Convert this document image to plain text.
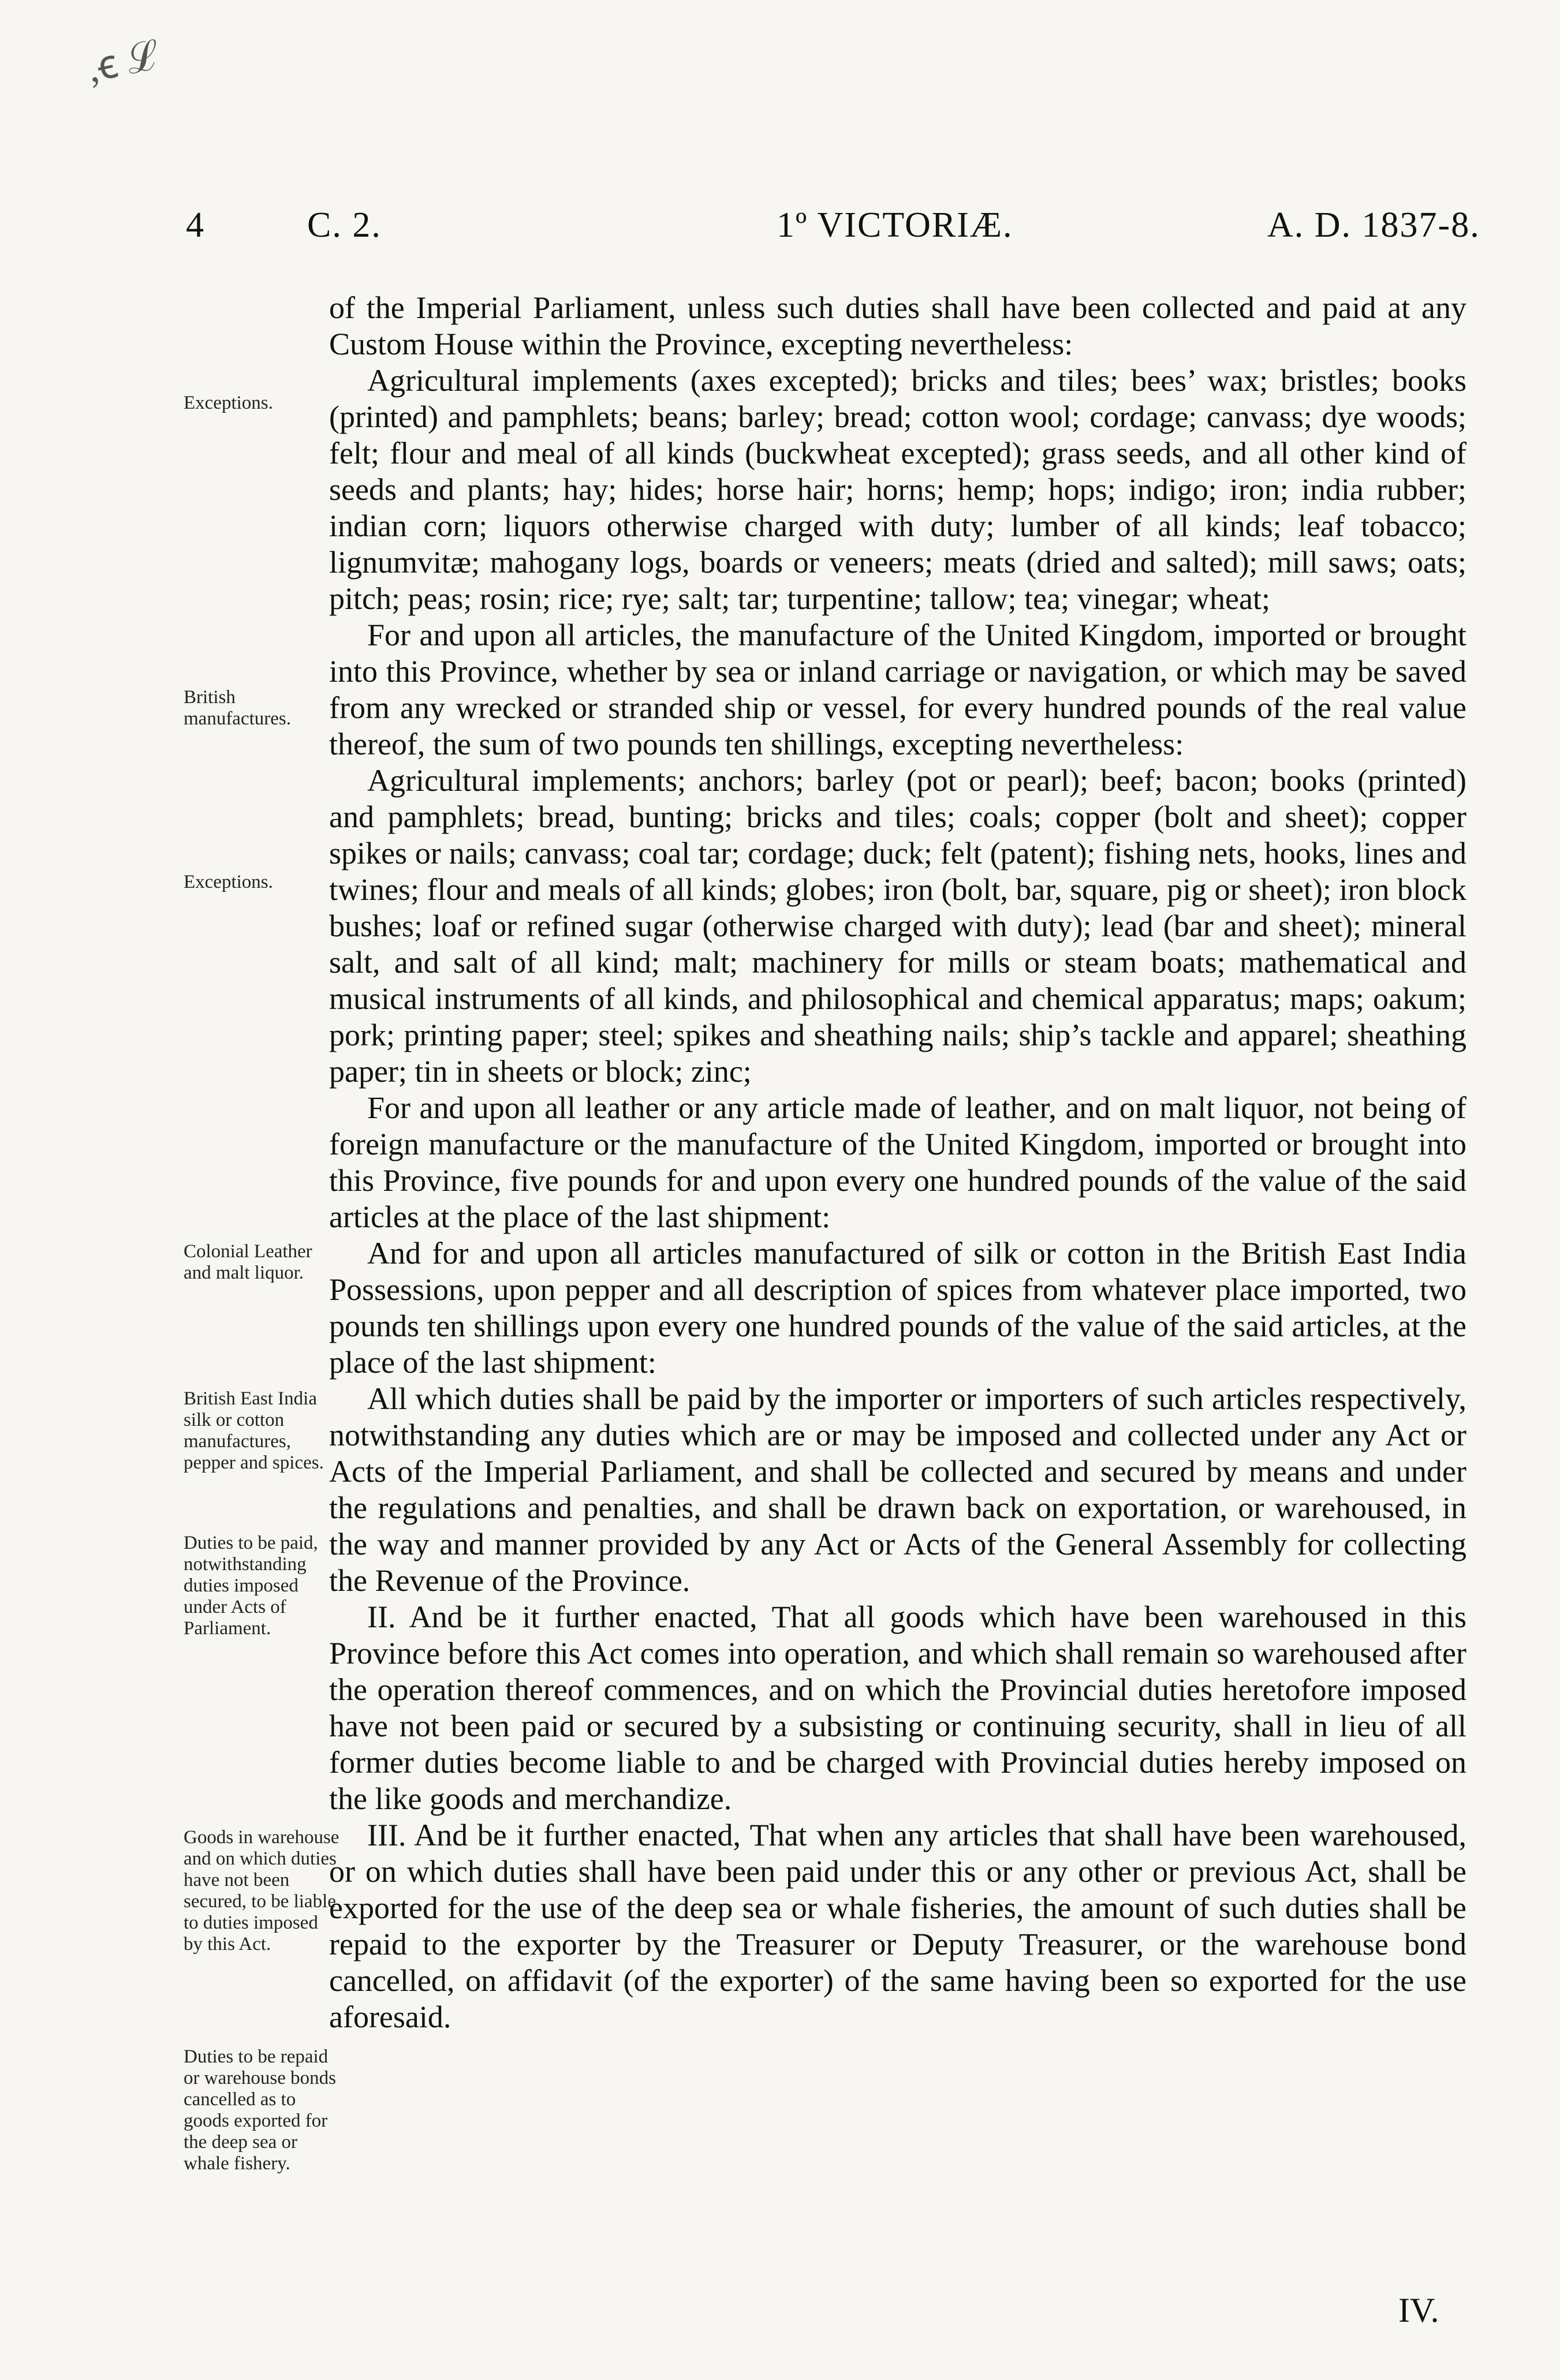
,ꞓ ℒ
4	C. 2.	1º VICTORIÆ.	A. D. 1837-8.
Exceptions.
British manufactures.
Exceptions.
Colonial Leather and malt liquor.
British East India silk or cotton manufactures, pepper and spices.
Duties to be paid, notwithstanding duties imposed under Acts of Parliament.
Goods in warehouse and on which duties have not been secured, to be liable to duties imposed by this Act.
Duties to be repaid or warehouse bonds cancelled as to goods exported for the deep sea or whale fishery.

of the Imperial Parliament, unless such duties shall have been collected and paid at any Custom House within the Province, excepting nevertheless:

Agricultural implements (axes excepted); bricks and tiles; bees’ wax; bristles; books (printed) and pamphlets; beans; barley; bread; cotton wool; cordage; canvass; dye woods; felt; flour and meal of all kinds (buckwheat excepted); grass seeds, and all other kind of seeds and plants; hay; hides; horse hair; horns; hemp; hops; indigo; iron; india rubber; indian corn; liquors otherwise charged with duty; lumber of all kinds; leaf tobacco; lignumvitæ; mahogany logs, boards or veneers; meats (dried and salted); mill saws; oats; pitch; peas; rosin; rice; rye; salt; tar; turpentine; tallow; tea; vinegar; wheat;

For and upon all articles, the manufacture of the United Kingdom, imported or brought into this Province, whether by sea or inland carriage or navigation, or which may be saved from any wrecked or stranded ship or vessel, for every hundred pounds of the real value thereof, the sum of two pounds ten shillings, excepting nevertheless:

Agricultural implements; anchors; barley (pot or pearl); beef; bacon; books (printed) and pamphlets; bread, bunting; bricks and tiles; coals; copper (bolt and sheet); copper spikes or nails; canvass; coal tar; cordage; duck; felt (patent); fishing nets, hooks, lines and twines; flour and meals of all kinds; globes; iron (bolt, bar, square, pig or sheet); iron block bushes; loaf or refined sugar (otherwise charged with duty); lead (bar and sheet); mineral salt, and salt of all kind; malt; machinery for mills or steam boats; mathematical and musical instruments of all kinds, and philosophical and chemical apparatus; maps; oakum; pork; printing paper; steel; spikes and sheathing nails; ship’s tackle and apparel; sheathing paper; tin in sheets or block; zinc;

For and upon all leather or any article made of leather, and on malt liquor, not being of foreign manufacture or the manufacture of the United Kingdom, imported or brought into this Province, five pounds for and upon every one hundred pounds of the value of the said articles at the place of the last shipment:

And for and upon all articles manufactured of silk or cotton in the British East India Possessions, upon pepper and all description of spices from whatever place imported, two pounds ten shillings upon every one hundred pounds of the value of the said articles, at the place of the last shipment:

All which duties shall be paid by the importer or importers of such articles respectively, notwithstanding any duties which are or may be imposed and collected under any Act or Acts of the Imperial Parliament, and shall be collected and secured by means and under the regulations and penalties, and shall be drawn back on exportation, or warehoused, in the way and manner provided by any Act or Acts of the General Assembly for collecting the Revenue of the Province.

II. And be it further enacted, That all goods which have been warehoused in this Province before this Act comes into operation, and which shall remain so warehoused after the operation thereof commences, and on which the Provincial duties heretofore imposed have not been paid or secured by a subsisting or continuing security, shall in lieu of all former duties become liable to and be charged with Provincial duties hereby imposed on the like goods and merchandize.

III. And be it further enacted, That when any articles that shall have been warehoused, or on which duties shall have been paid under this or any other or previous Act, shall be exported for the use of the deep sea or whale fisheries, the amount of such duties shall be repaid to the exporter by the Treasurer or Deputy Treasurer, or the warehouse bond cancelled, on affidavit (of the exporter) of the same having been so exported for the use aforesaid.

IV.
